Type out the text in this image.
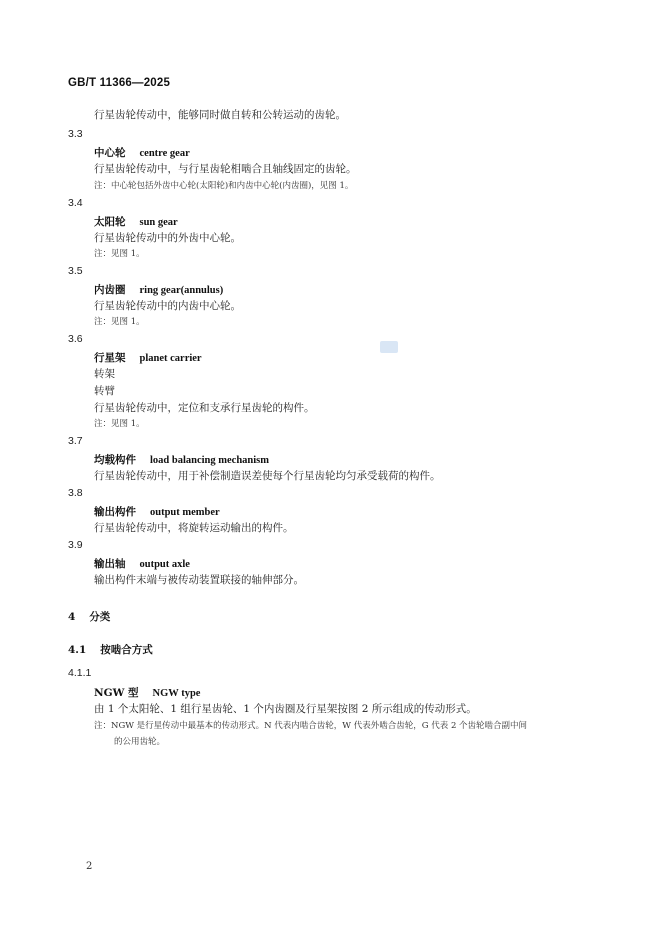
GB/T 11366—2025
行星齿轮传动中，能够同时做自转和公转运动的齿轮。
3.3
中心轮 centre gear
行星齿轮传动中，与行星齿轮相啮合且轴线固定的齿轮。
注：中心轮包括外齿中心轮(太阳轮)和内齿中心轮(内齿圈)，见图 1。
3.4
太阳轮 sun gear
行星齿轮传动中的外齿中心轮。
注：见图 1。
3.5
内齿圈 ring gear(annulus)
行星齿轮传动中的内齿中心轮。
注：见图 1。
3.6
行星架 planet carrier
转架
转臂
行星齿轮传动中，定位和支承行星齿轮的构件。
注：见图 1。
3.7
均载构件 load balancing mechanism
行星齿轮传动中，用于补偿制造误差使每个行星齿轮均匀承受载荷的构件。
3.8
输出构件 output member
行星齿轮传动中，将旋转运动输出的构件。
3.9
输出轴 output axle
输出构件末端与被传动装置联接的轴伸部分。
4 分类
4.1 按啮合方式
4.1.1
NGW 型 NGW type
由 1 个太阳轮、1 组行星齿轮、1 个内齿圈及行星架按图 2 所示组成的传动形式。
注：NGW 是行星传动中最基本的传动形式。N 代表内啮合齿轮，W 代表外啮合齿轮，G 代表 2 个齿轮啮合副中间
的公用齿轮。
2
